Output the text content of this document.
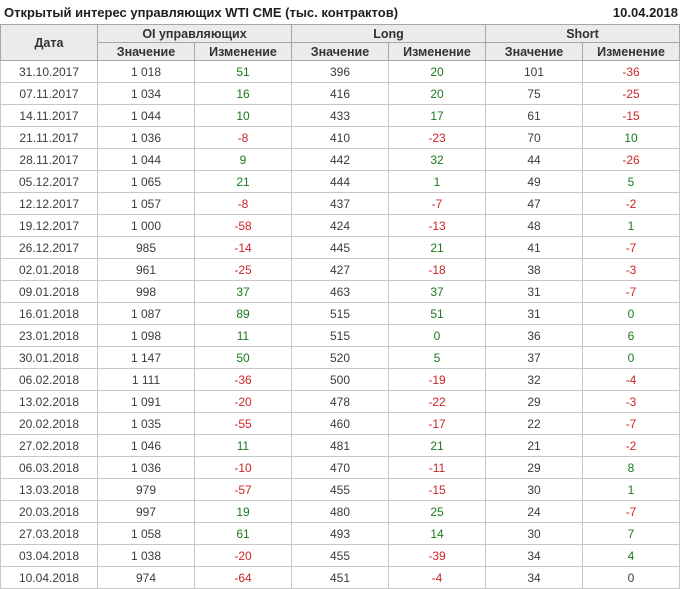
Открытый интерес управляющих WTI CME (тыс. контрактов)	10.04.2018
Дата	OI управляющих		Long		Short	
	Значение	Изменение	Значение	Изменение	Значение	Изменение
31.10.2017	1 018	51	396	20	101	-36
07.11.2017	1 034	16	416	20	75	-25
14.11.2017	1 044	10	433	17	61	-15
21.11.2017	1 036	-8	410	-23	70	10
28.11.2017	1 044	9	442	32	44	-26
05.12.2017	1 065	21	444	1	49	5
12.12.2017	1 057	-8	437	-7	47	-2
19.12.2017	1 000	-58	424	-13	48	1
26.12.2017	985	-14	445	21	41	-7
02.01.2018	961	-25	427	-18	38	-3
09.01.2018	998	37	463	37	31	-7
16.01.2018	1 087	89	515	51	31	0
23.01.2018	1 098	11	515	0	36	6
30.01.2018	1 147	50	520	5	37	0
06.02.2018	1 111	-36	500	-19	32	-4
13.02.2018	1 091	-20	478	-22	29	-3
20.02.2018	1 035	-55	460	-17	22	-7
27.02.2018	1 046	11	481	21	21	-2
06.03.2018	1 036	-10	470	-11	29	8
13.03.2018	979	-57	455	-15	30	1
20.03.2018	997	19	480	25	24	-7
27.03.2018	1 058	61	493	14	30	7
03.04.2018	1 038	-20	455	-39	34	4
10.04.2018	974	-64	451	-4	34	0
